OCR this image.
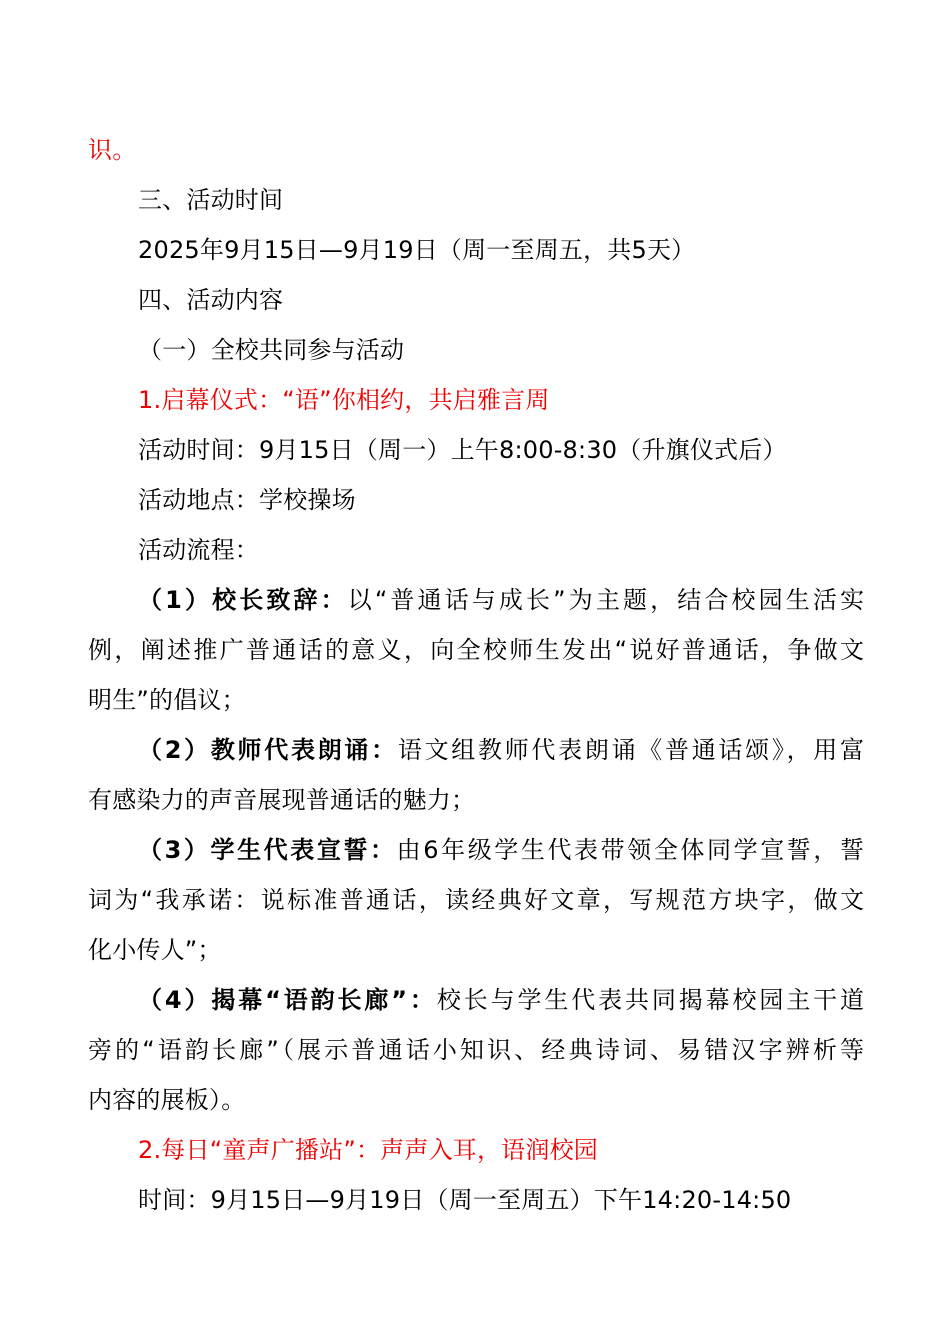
识。
三、活动时间
2025年9月15日—9月19日（周一至周五，共5天）
四、活动内容
（一）全校共同参与活动
1.启幕仪式：“语”你相约，共启雅言周
活动时间：9月15日（周一）上午8:00-8:30（升旗仪式后）
活动地点：学校操场
活动流程：
（1）校长致辞：以“普通话与成长”为主题，结合校园生活实
例，阐述推广普通话的意义，向全校师生发出“说好普通话，争做文
明生”的倡议；
（2）教师代表朗诵：语文组教师代表朗诵《普通话颂》，用富
有感染力的声音展现普通话的魅力；
（3）学生代表宣誓：由6年级学生代表带领全体同学宣誓，誓
词为“我承诺：说标准普通话，读经典好文章，写规范方块字，做文
化小传人”；
（4）揭幕“语韵长廊”：校长与学生代表共同揭幕校园主干道
旁的“语韵长廊”（展示普通话小知识、经典诗词、易错汉字辨析等
内容的展板）。
2.每日“童声广播站”：声声入耳，语润校园
时间：9月15日—9月19日（周一至周五）下午14:20-14:50
